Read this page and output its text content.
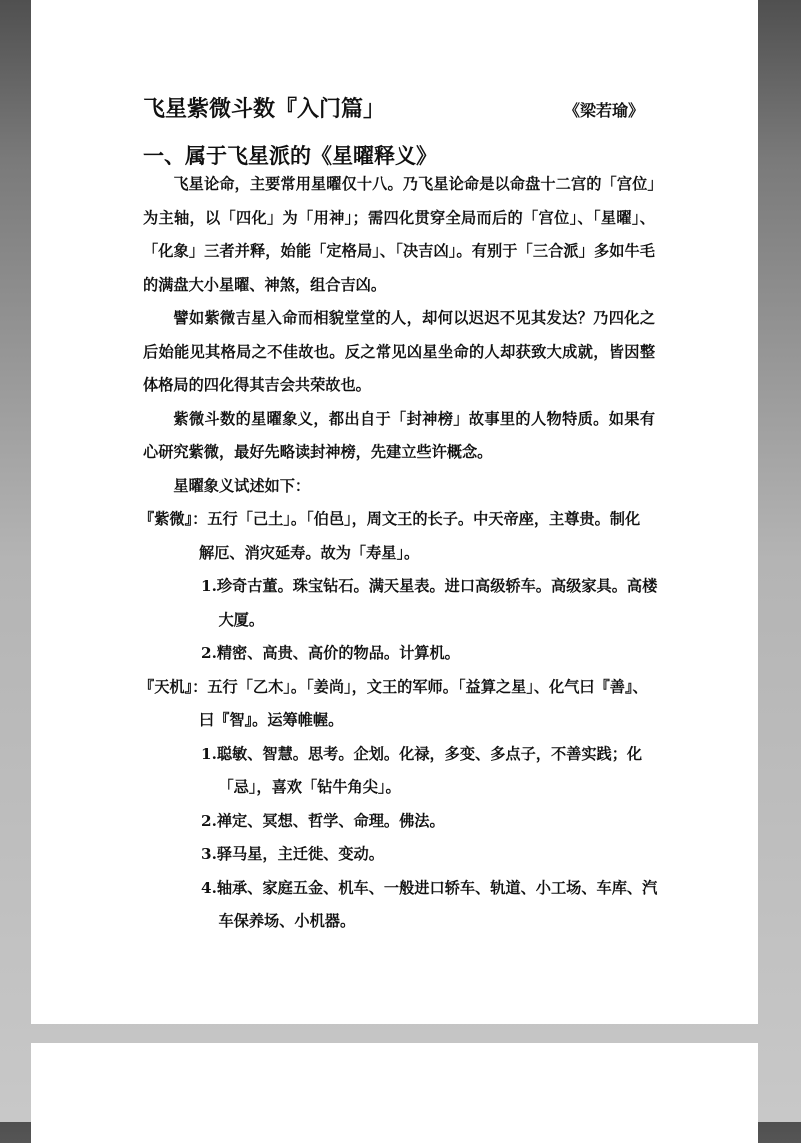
飞星紫微斗数『入门篇」	《梁若瑜》
一、属于飞星派的《星曜释义》

飞星论命，主要常用星曜仅十八。乃飞星论命是以命盘十二宫的「宫位」为主轴，以「四化」为「用神」；需四化贯穿全局而后的「宫位」、「星曜」、「化象」三者并释，始能「定格局」、「决吉凶」。有别于「三合派」多如牛毛的满盘大小星曜、神煞，组合吉凶。

譬如紫微吉星入命而相貌堂堂的人，却何以迟迟不见其发达？乃四化之后始能见其格局之不佳故也。反之常见凶星坐命的人却获致大成就，皆因整体格局的四化得其吉会共荣故也。

紫微斗数的星曜象义，都出自于「封神榜」故事里的人物特质。如果有心研究紫微，最好先略读封神榜，先建立些许概念。

星曜象义试述如下：

『紫微』：五行「己土」。「伯邑」，周文王的长子。中天帝座，主尊贵。制化解厄、消灾延寿。故为「寿星」。

1.珍奇古董。珠宝钻石。满天星表。进口高级轿车。高级家具。高楼大厦。

2.精密、高贵、高价的物品。计算机。

『天机』：五行「乙木」。「姜尚」，文王的军师。「益算之星」、化气曰『善』、曰『智』。运筹帷幄。

1.聪敏、智慧。思考。企划。化禄，多变、多点子，不善实践；化「忌」，喜欢「钻牛角尖」。

2.禅定、冥想、哲学、命理。佛法。

3.驿马星，主迁徙、变动。

4.轴承、家庭五金、机车、一般进口轿车、轨道、小工场、车库、汽车保养场、小机器。
